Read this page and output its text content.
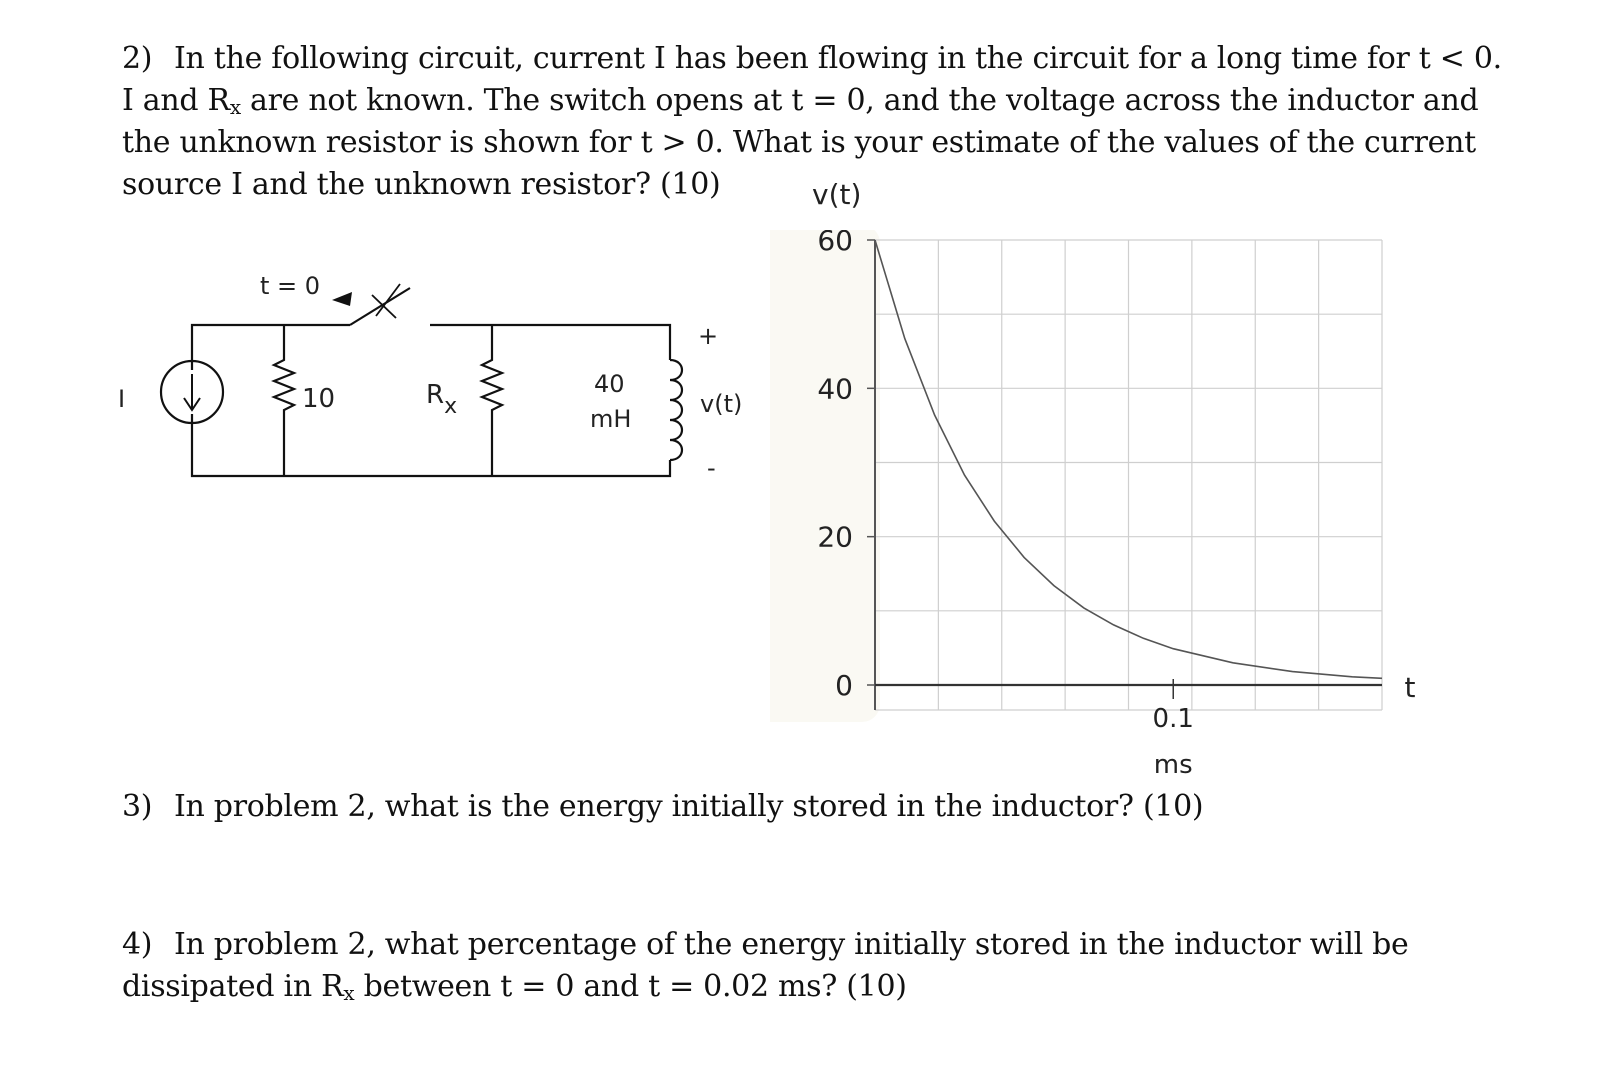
2) In the following circuit, current I has been flowing in the circuit for a long time for t < 0.

I and $R_x$ are not known. The switch opens at t = 0, and the voltage across the inductor and

the unknown resistor is shown for t > 0. What is your estimate of the values of the current

source I and the unknown resistor? (10)

t = 0
I	10	$R_x$
40
mH
+
-
v(t)
v(t)
60
40
20
0
0.1
ms
t

3) In problem 2, what is the energy initially stored in the inductor? (10)

4) In problem 2, what percentage of the energy initially stored in the inductor will be

dissipated in $R_x$ between t = 0 and t = 0.02 ms? (10)
